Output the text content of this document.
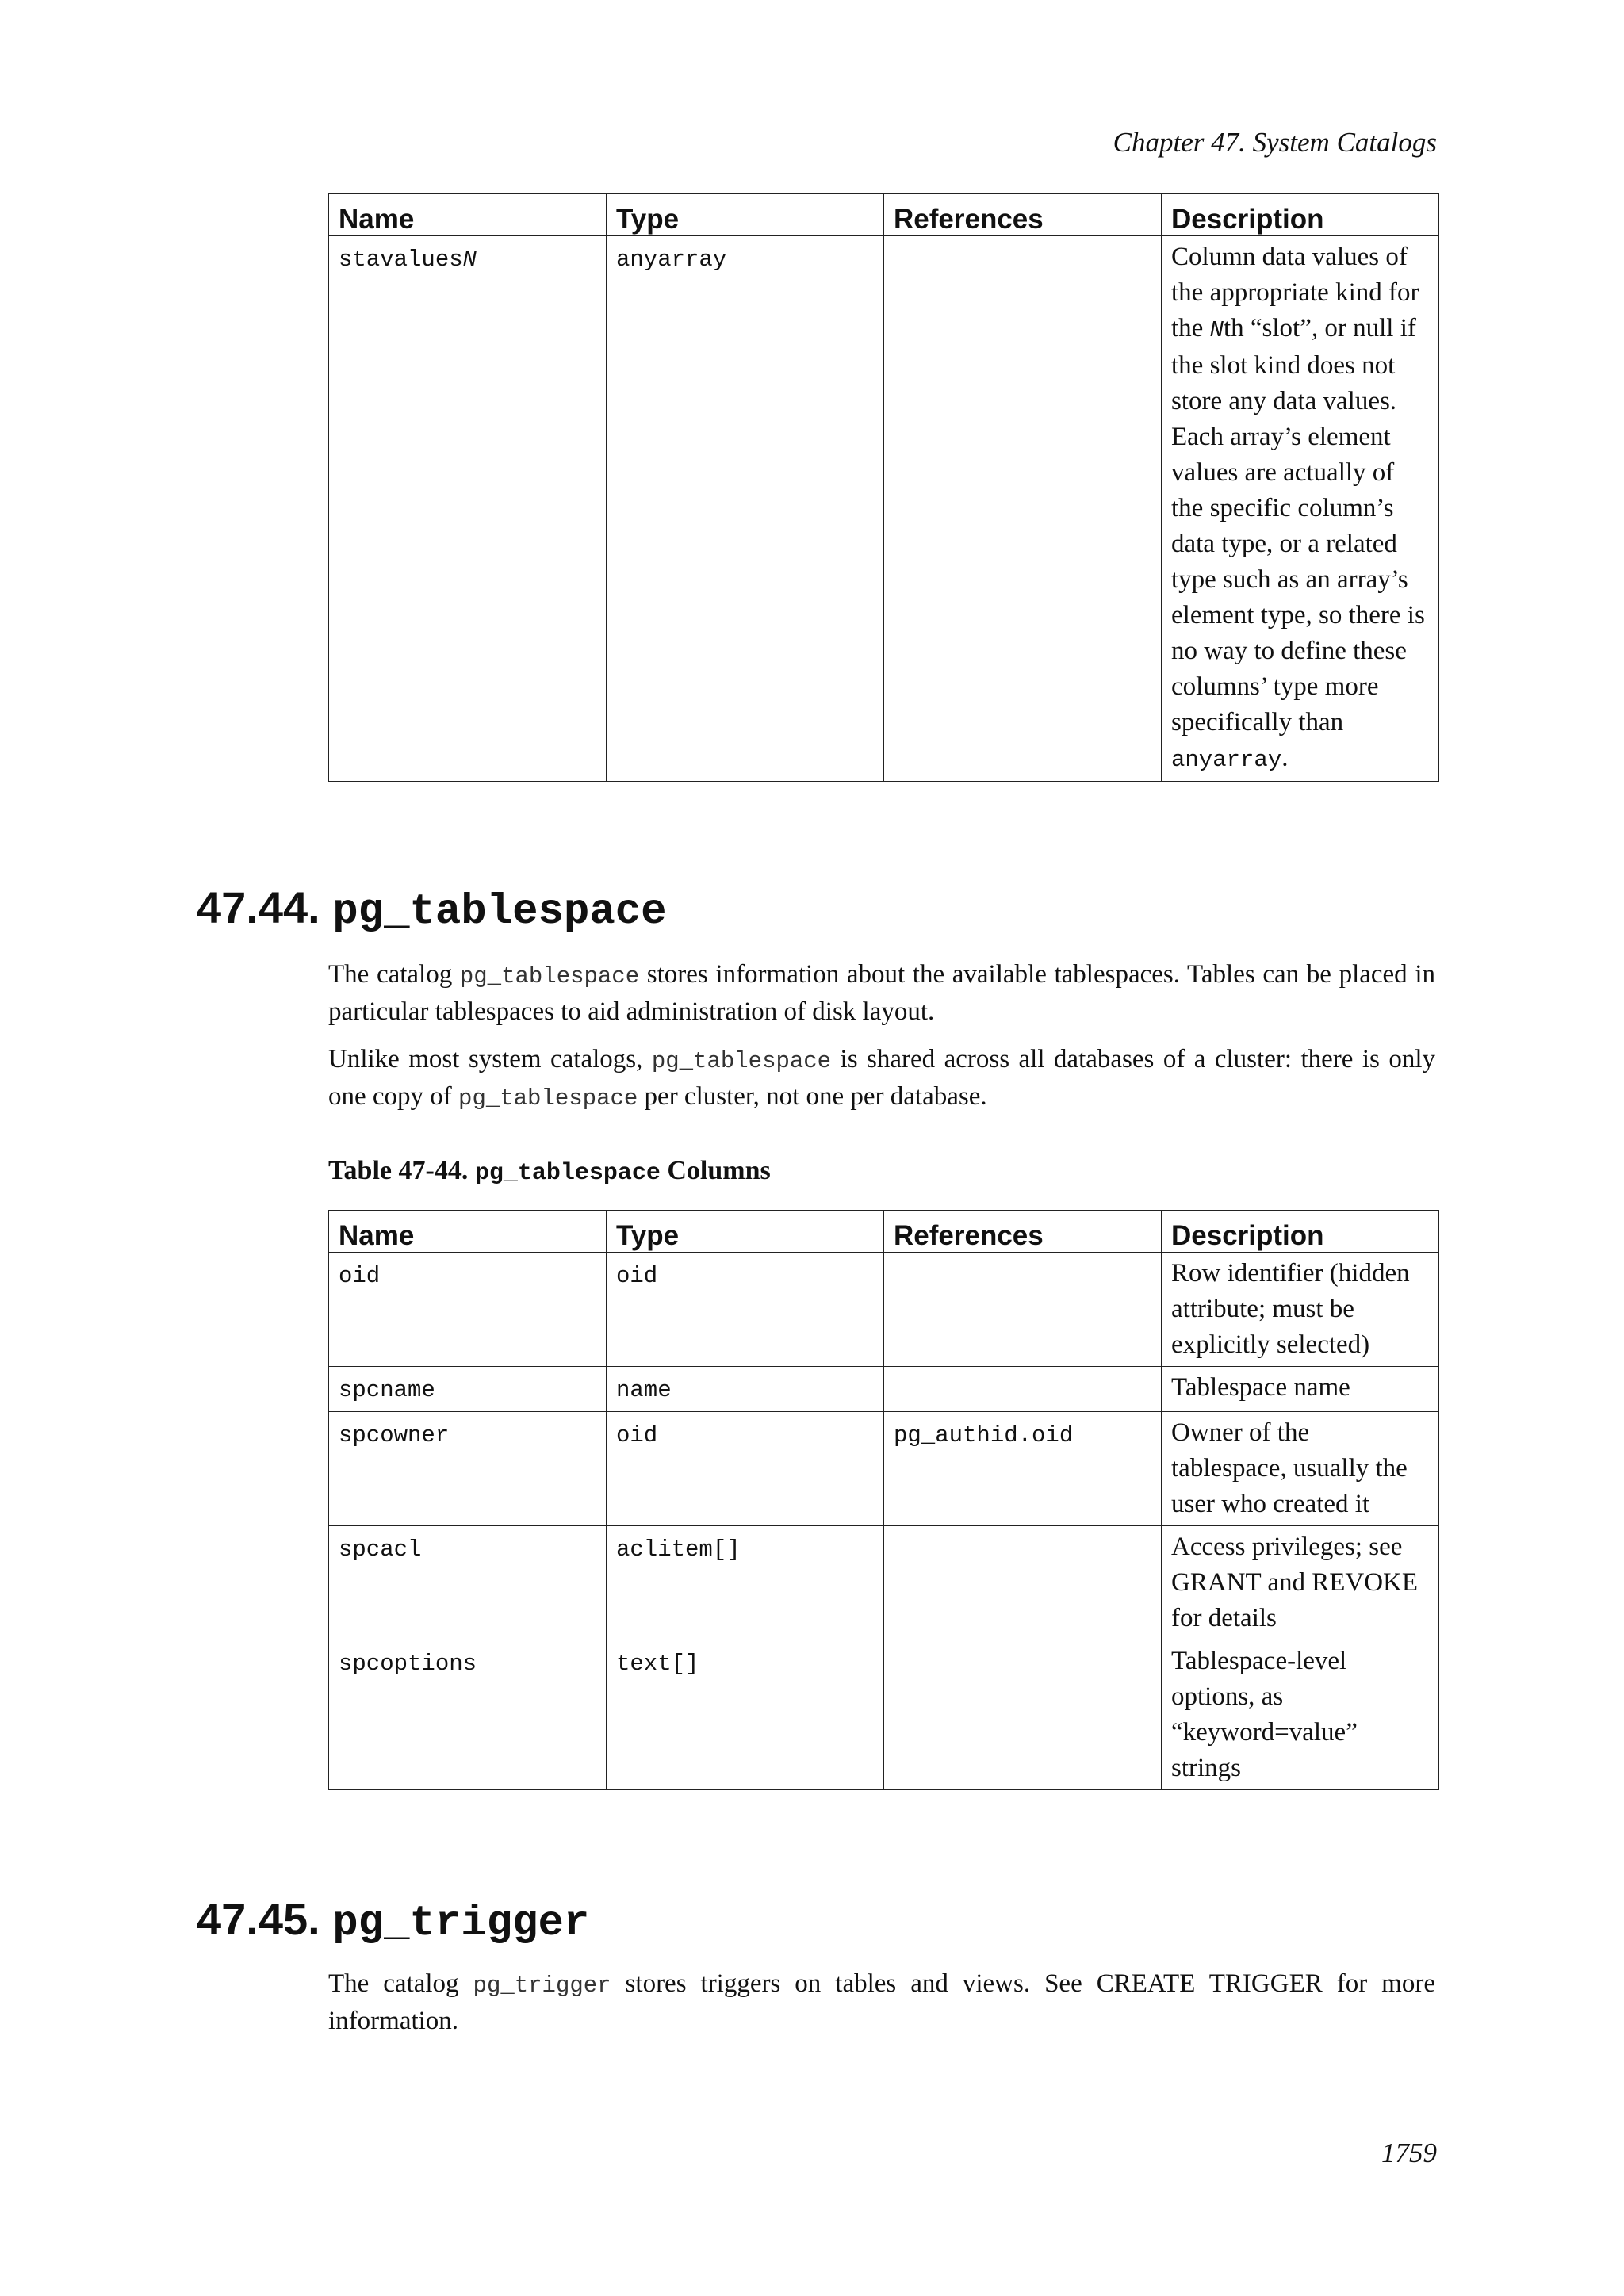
Chapter 47. System Catalogs
Name	Type	References	Description
stavaluesN	anyarray		Column data values of the appropriate kind for the Nth “slot”, or null if the slot kind does not store any data values. Each array’s element values are actually of the specific column’s data type, or a related type such as an array’s element type, so there is no way to define these columns’ type more specifically than anyarray.
47.44. pg_tablespace

The catalog pg_tablespace stores information about the available tablespaces. Tables can be placed in particular tablespaces to aid administration of disk layout.

Unlike most system catalogs, pg_tablespace is shared across all databases of a cluster: there is only one copy of pg_tablespace per cluster, not one per database.

Table 47-44. pg_tablespace Columns

Name	Type	References	Description
oid	oid		Row identifier (hidden attribute; must be explicitly selected)
spcname	name		Tablespace name
spcowner	oid	pg_authid.oid	Owner of the tablespace, usually the user who created it
spcacl	aclitem[]		Access privileges; see GRANT and REVOKE for details
spcoptions	text[]		Tablespace-level options, as “keyword=value” strings
47.45. pg_trigger

The catalog pg_trigger stores triggers on tables and views. See CREATE TRIGGER for more information.

1759
